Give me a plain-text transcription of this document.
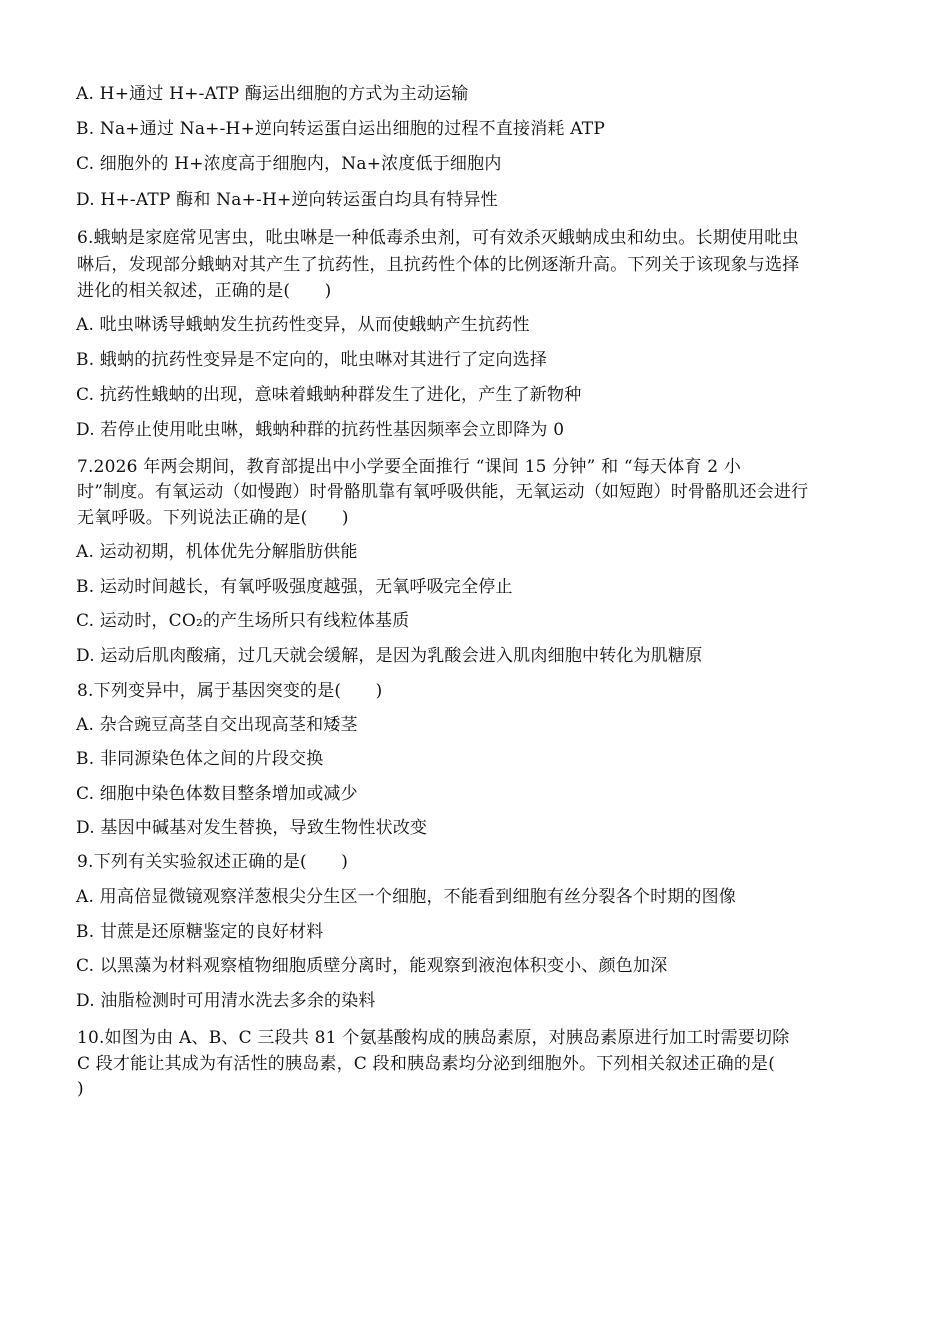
A. H+通过 H+-ATP 酶运出细胞的方式为主动运输
B. Na+通过 Na+-H+逆向转运蛋白运出细胞的过程不直接消耗 ATP
C. 细胞外的 H+浓度高于细胞内，Na+浓度低于细胞内
D. H+-ATP 酶和 Na+-H+逆向转运蛋白均具有特异性
6.蛾蚋是家庭常见害虫，吡虫啉是一种低毒杀虫剂，可有效杀灭蛾蚋成虫和幼虫。长期使用吡虫
啉后，发现部分蛾蚋对其产生了抗药性，且抗药性个体的比例逐渐升高。下列关于该现象与选择
进化的相关叙述，正确的是(　　)
A. 吡虫啉诱导蛾蚋发生抗药性变异，从而使蛾蚋产生抗药性
B. 蛾蚋的抗药性变异是不定向的，吡虫啉对其进行了定向选择
C. 抗药性蛾蚋的出现，意味着蛾蚋种群发生了进化，产生了新物种
D. 若停止使用吡虫啉，蛾蚋种群的抗药性基因频率会立即降为 0
7.2026 年两会期间，教育部提出中小学要全面推行 “课间 15 分钟” 和 “每天体育 2 小
时”制度。有氧运动（如慢跑）时骨骼肌靠有氧呼吸供能，无氧运动（如短跑）时骨骼肌还会进行
无氧呼吸。下列说法正确的是(　　)
A. 运动初期，机体优先分解脂肪供能
B. 运动时间越长，有氧呼吸强度越强，无氧呼吸完全停止
C. 运动时，CO₂的产生场所只有线粒体基质
D. 运动后肌肉酸痛，过几天就会缓解，是因为乳酸会进入肌肉细胞中转化为肌糖原
8.下列变异中，属于基因突变的是(　　)
A. 杂合豌豆高茎自交出现高茎和矮茎
B. 非同源染色体之间的片段交换
C. 细胞中染色体数目整条增加或减少
D. 基因中碱基对发生替换，导致生物性状改变
9.下列有关实验叙述正确的是(　　)
A. 用高倍显微镜观察洋葱根尖分生区一个细胞，不能看到细胞有丝分裂各个时期的图像
B. 甘蔗是还原糖鉴定的良好材料
C. 以黑藻为材料观察植物细胞质壁分离时，能观察到液泡体积变小、颜色加深
D. 油脂检测时可用清水洗去多余的染料
10.如图为由 A、B、C 三段共 81 个氨基酸构成的胰岛素原，对胰岛素原进行加工时需要切除
C 段才能让其成为有活性的胰岛素，C 段和胰岛素均分泌到细胞外。下列相关叙述正确的是(
)
